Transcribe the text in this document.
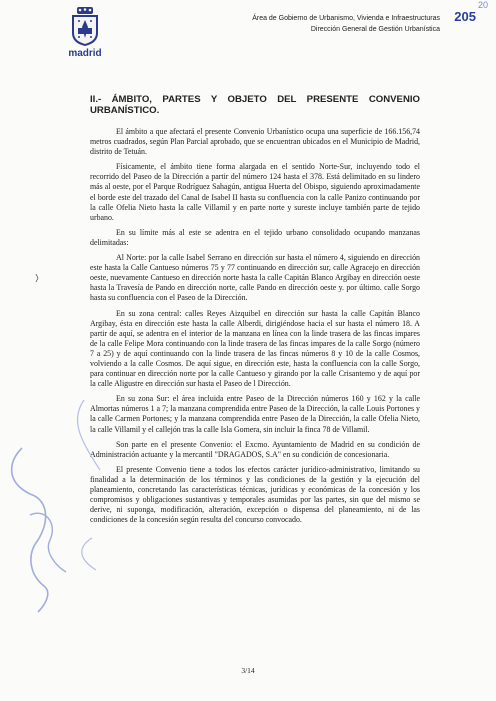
madrid
Área de Gobierno de Urbanismo, Vivienda e Infraestructuras
Dirección General de Gestión Urbanística
205
20
II.- ÁMBITO, PARTES Y OBJETO DEL PRESENTE CONVENIO
URBANÍSTICO.

El ámbito a que afectará el presente Convenio Urbanístico ocupa una superficie de 166.156,74 metros cuadrados, según Plan Parcial aprobado, que se encuentran ubicados en el Municipio de Madrid, distrito de Tetuán.

Físicamente, el ámbito tiene forma alargada en el sentido Norte-Sur, incluyendo todo el recorrido del Paseo de la Dirección a partir del número 124 hasta el 378. Está delimitado en su lindero más al oeste, por el Parque Rodríguez Sahagún, antigua Huerta del Obispo, siguiendo aproximadamente el borde este del trazado del Canal de Isabel II hasta su confluencia con la calle Panizo continuando por la calle Ofelia Nieto hasta la calle Villamil y en parte norte y sureste incluye también parte de tejido urbano.

En su límite más al este se adentra en el tejido urbano consolidado ocupando manzanas delimitadas:

Al Norte: por la calle Isabel Serrano en dirección sur hasta el número 4, siguiendo en dirección este hasta la Calle Cantueso números 75 y 77 continuando en dirección sur, calle Agracejo en dirección oeste, nuevamente Cantueso en dirección norte hasta la calle Capitán Blanco Argibay en dirección oeste hasta la Travesía de Pando en dirección norte, calle Pando en dirección oeste y. por último. calle Sorgo hasta su confluencia con el Paseo de la Dirección.

En su zona central: calles Reyes Aizquibel en dirección sur hasta la calle Capitán Blanco Argibay, ésta en dirección este hasta la calle Alberdi, dirigiéndose hacia el sur hasta el número 18. A partir de aquí, se adentra en el interior de la manzana en línea con la linde trasera de las fincas impares de la calle Felipe Mora continuando con la linde trasera de las fincas impares de la calle Sorgo (número 7 a 25) y de aquí continuando con la linde trasera de las fincas números 8 y 10 de la calle Cosmos, volviendo a la calle Cosmos. De aquí sigue, en dirección este, hasta la confluencia con la calle Sorgo, para continuar en dirección norte por la calle Cantueso y girando por la calle Crisantemo y de aquí por la calle Aligustre en dirección sur hasta el Paseo de l Dirección.

En su zona Sur: el área incluida entre Paseo de la Dirección números 160 y 162 y la calle Almortas números 1 a 7; la manzana comprendida entre Paseo de la Dirección, la calle Louis Portones y la calle Carmen Portones; y la manzana comprendida entre Paseo de la Dirección, la calle Ofelia Nieto, la calle Villamil y el callejón tras la calle Isla Gomera, sin incluir la finca 78 de Villamil.

Son parte en el presente Convenio: el Excmo. Ayuntamiento de Madrid en su condición de Administración actuante y la mercantil "DRAGADOS, S.A" en su condición de concesionaria.

El presente Convenio tiene a todos los efectos carácter jurídico-administrativo, limitando su finalidad a la determinación de los términos y las condiciones de la gestión y la ejecución del planeamiento, concretando las características técnicas, jurídicas y económicas de la concesión y los compromisos y obligaciones sustantivas y temporales asumidas por las partes, sin que del mismo se derive, ni suponga, modificación, alteración, excepción o dispensa del planeamiento, ni de las condiciones de la concesión según resulta del concurso convocado.

3/14
